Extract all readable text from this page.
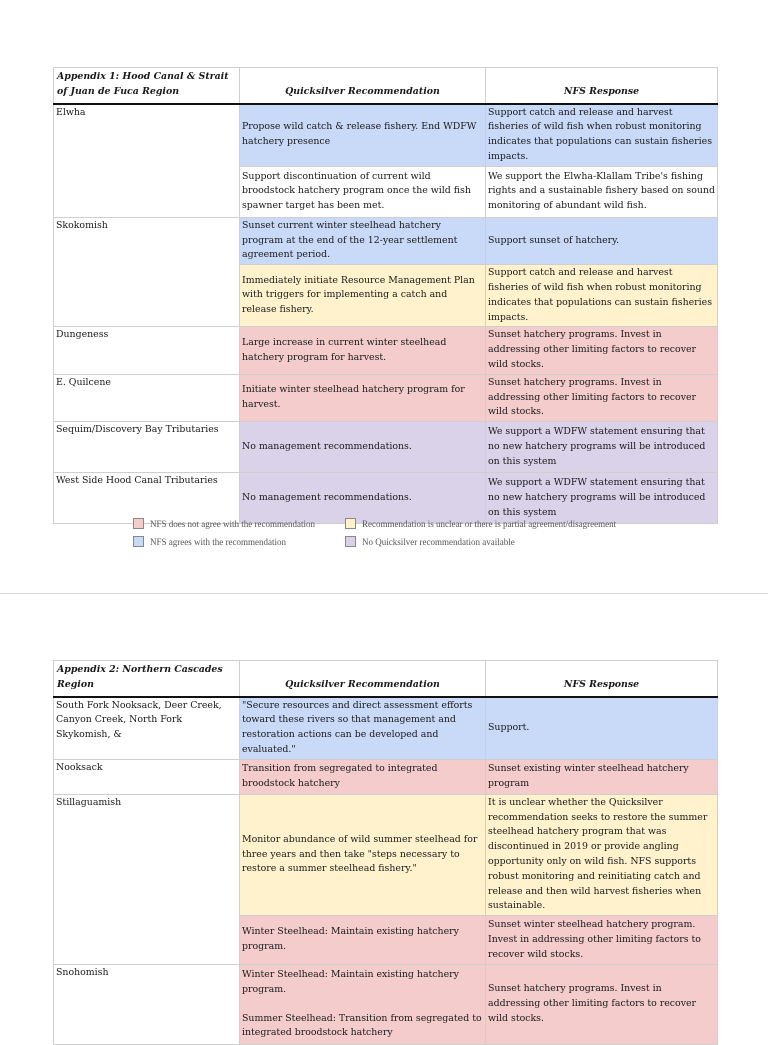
Appendix 1: Hood Canal & Strait of Juan de Fuca Region	Quicksilver Recommendation	NFS Response
Elwha	Propose wild catch & release fishery. End WDFW hatchery presence	Support catch and release and harvest fisheries of wild fish when robust monitoring indicates that populations can sustain fisheries impacts.
	Support discontinuation of current wild broodstock hatchery program once the wild fish spawner target has been met.	We support the Elwha-Klallam Tribe's fishing rights and a sustainable fishery based on sound monitoring of abundant wild fish.
Skokomish	Sunset current winter steelhead hatchery program at the end of the 12-year settlement agreement period.	Support sunset of hatchery.
	Immediately initiate Resource Management Plan with triggers for implementing a catch and release fishery.	Support catch and release and harvest fisheries of wild fish when robust monitoring indicates that populations can sustain fisheries impacts.
Dungeness	Large increase in current winter steelhead hatchery program for harvest.	Sunset hatchery programs. Invest in addressing other limiting factors to recover wild stocks.
E. Quilcene	Initiate winter steelhead hatchery program for harvest.	Sunset hatchery programs. Invest in addressing other limiting factors to recover wild stocks.
Sequim/Discovery Bay Tributaries	No management recommendations.	We support a WDFW statement ensuring that no new hatchery programs will be introduced on this system
West Side Hood Canal Tributaries	No management recommendations.	We support a WDFW statement ensuring that no new hatchery programs will be introduced on this system
NFS does not agree with the recommendation	Recommendation is unclear or there is partial agreement/disagreement
NFS agrees with the recommendation	No Quicksilver recommendation available
Appendix 2: Northern Cascades Region	Quicksilver Recommendation	NFS Response
South Fork Nooksack, Deer Creek, Canyon Creek, North Fork Skykomish, &	"Secure resources and direct assessment efforts toward these rivers so that management and restoration actions can be developed and evaluated."	Support.
Nooksack	Transition from segregated to integrated broodstock hatchery	Sunset existing winter steelhead hatchery program
Stillaguamish	Monitor abundance of wild summer steelhead for three years and then take "steps necessary to restore a summer steelhead fishery."	It is unclear whether the Quicksilver recommendation seeks to restore the summer steelhead hatchery program that was discontinued in 2019 or provide angling opportunity only on wild fish. NFS supports robust monitoring and reinitiating catch and release and then wild harvest fisheries when sustainable.
	Winter Steelhead: Maintain existing hatchery program.	Sunset winter steelhead hatchery program. Invest in addressing other limiting factors to recover wild stocks.
Snohomish	Winter Steelhead: Maintain existing hatchery program.
Summer Steelhead: Transition from segregated to integrated broodstock hatchery	Sunset hatchery programs. Invest in addressing other limiting factors to recover wild stocks.
